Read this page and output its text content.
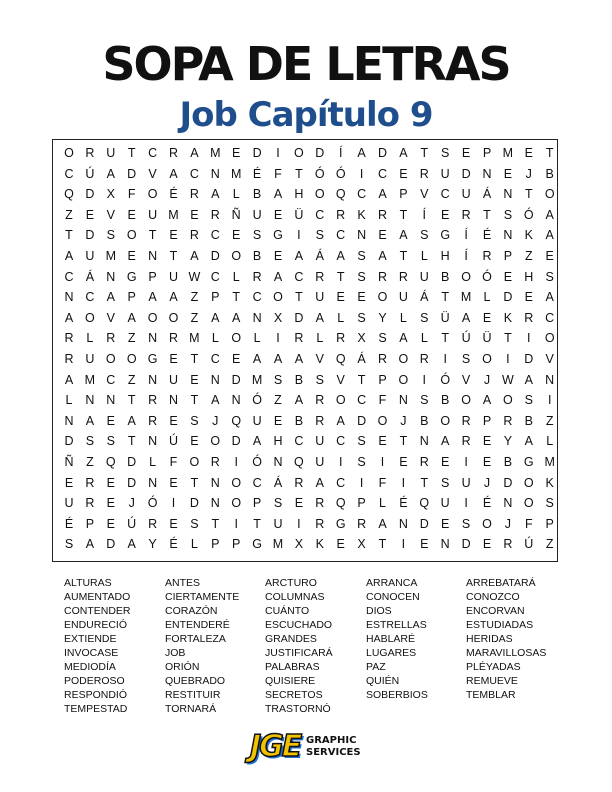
SOPA DE LETRAS
Job Capítulo 9
O R U	T	C R A M E D	I	O D	Í	A D A	T	S	E	P M E	T
C Ú A D V	A C N M É	F	T Ó Ó	I	C E R U D N E	J	B
Q D X	F O É R A	L	B	A H O Q C A	P	V C U Á N	T O
Z	E	V	E U M E R Ñ U E Ü C R K R	T	Í	E R	T	S Ó A
T	D S O T	E R C E	S G	I	S C N E	A	S G	Í	É N K	A
A U M E N	T	A D O B	E	A	Á	A	S	A	T	L	H	Í	R P	Z	E
C Á N G P U W C	L	R A C R	T	S R R U B O Ó E H S
N C A	P	A	A	Z	P	T	C O T	U E	E O U Á	T M L	D E	A
A O V	A O O Z	A	A N X D A	L	S	Y	L	S Ü A	E	K R C
R	L	R	Z	N R M L	O	L	I	R	L	R X	S	A	L	T	Ú Ü	T	I	O
R U O O G E	T	C E	A	A	A	V Q Á R O R	I	S O	I	D V
A M C	Z	N U E N D M S	B	S	V	T	P O	I	Ó V	J W A N
L	N N	T	R N	T	A N Ó Z	A R O C	F	N S	B O A O S	I
N A	E	A R E	S	J	Q U E	B R A D O	J	B O R P R B	Z
D S	S	T	N Ú E O D A H C U C S	E	T	N A R E	Y	A	L
Ñ	Z Q D	L	F O R	I	Ó N Q U	I	S	I	E R E	I	E	B G M
E R E D N E	T	N O C Á R A C	I	F	I	T	S U	J	D O K
U R E	J	Ó	I	D N O P	S	E R Q P	L	É Q U	I	É N O S
É	P	E Ú R E	S	T	I	T	U	I	R G R A N D E	S O	J	F	P
S	A D A	Y	É	L	P	P G M X	K	E	X	T	I	E N D E R Ú	Z
ALTURAS
AUMENTADO
CONTENDER
ENDURECIÓ
EXTIENDE
INVOCASE
MEDIODÍA
PODEROSO
RESPONDIÓ
TEMPESTAD
ANTES
CIERTAMENTE
CORAZÓN
ENTENDERÉ
FORTALEZA
JOB
ORIÓN
QUEBRADO
RESTITUIR
TORNARÁ
ARCTURO
COLUMNAS
CUÁNTO
ESCUCHADO
GRANDES
JUSTIFICARÁ
PALABRAS
QUISIERE
SECRETOS
TRASTORNÓ
ARRANCA
CONOCEN
DIOS
ESTRELLAS
HABLARÉ
LUGARES
PAZ
QUIÉN
SOBERBIOS
ARREBATARÁ
CONOZCO
ENCORVAN
ESTUDIADAS
HERIDAS
MARAVILLOSAS
PLÉYADAS
REMUEVE
TEMBLAR
JGE GRAPHIC
SERVICES
